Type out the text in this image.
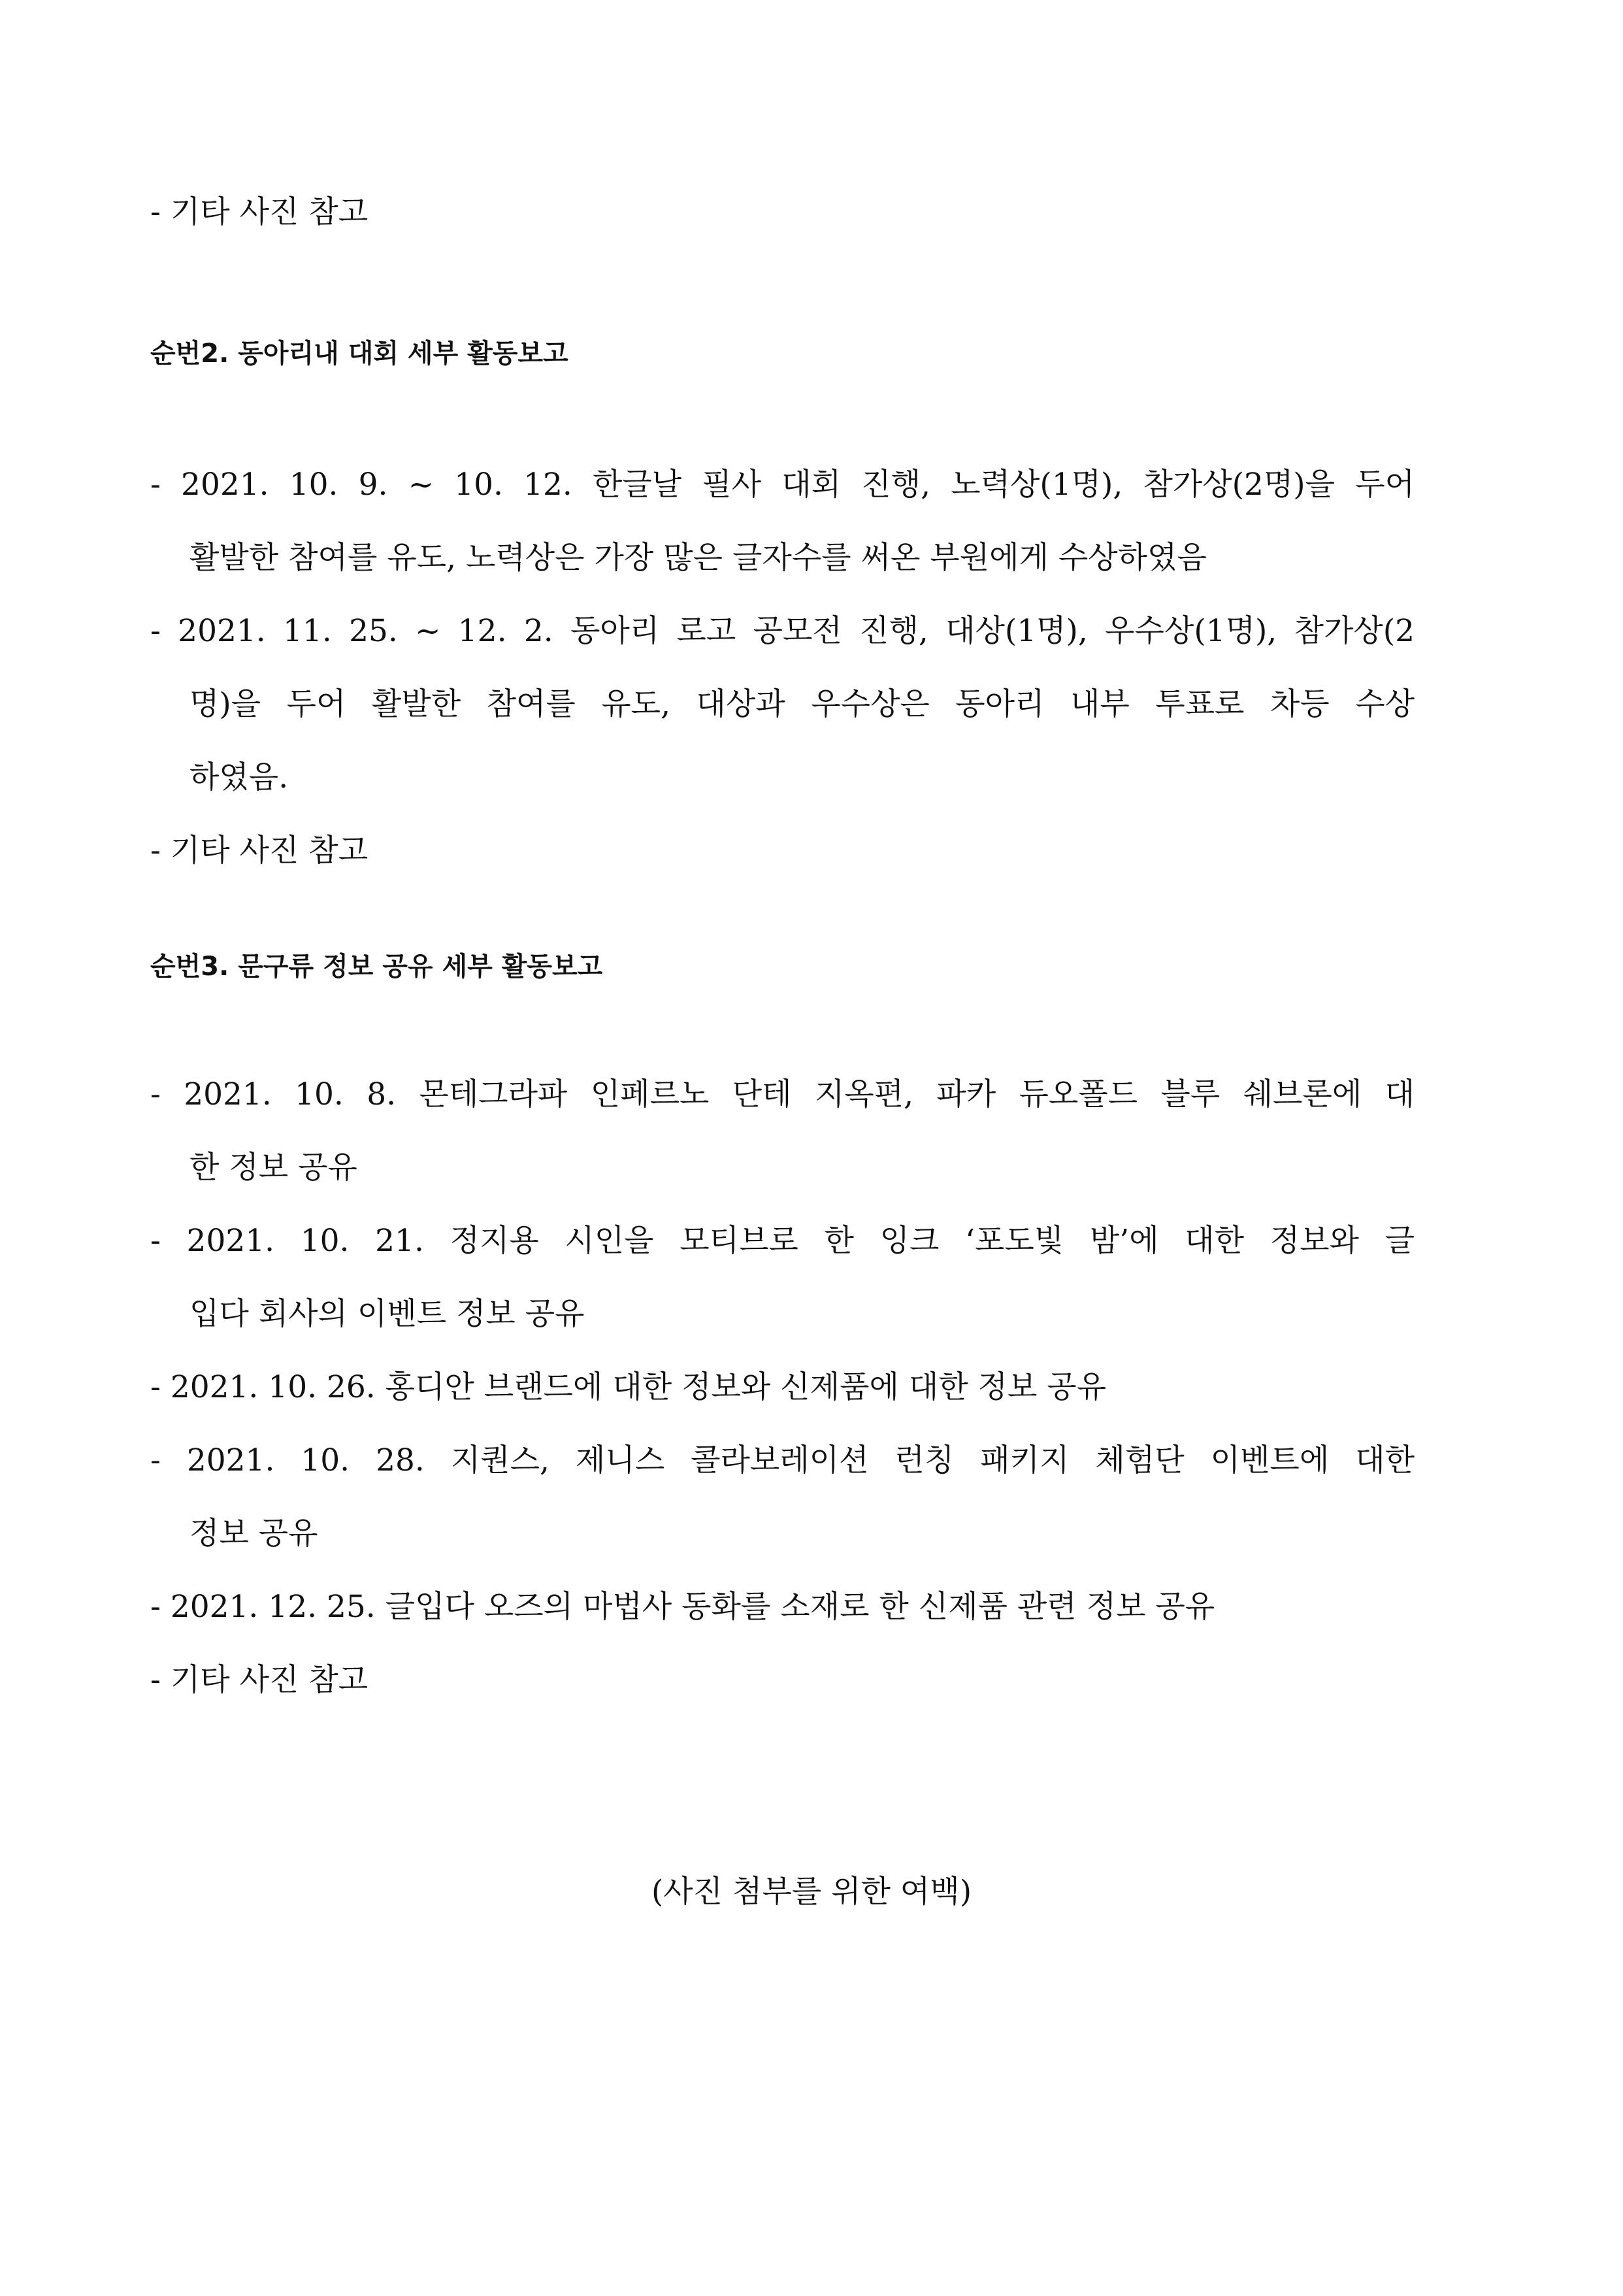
- 기타 사진 참고
순번2. 동아리내 대회 세부 활동보고
- 2021. 10. 9. ~ 10. 12. 한글날 필사 대회 진행, 노력상(1명), 참가상(2명)을 두어
활발한 참여를 유도, 노력상은 가장 많은 글자수를 써온 부원에게 수상하였음
- 2021. 11. 25. ~ 12. 2. 동아리 로고 공모전 진행, 대상(1명), 우수상(1명), 참가상(2
명)을 두어 활발한 참여를 유도, 대상과 우수상은 동아리 내부 투표로 차등 수상
하였음.
- 기타 사진 참고
순번3. 문구류 정보 공유 세부 활동보고
- 2021. 10. 8. 몬테그라파 인페르노 단테 지옥편, 파카 듀오폴드 블루 쉐브론에 대
한 정보 공유
- 2021. 10. 21. 정지용 시인을 모티브로 한 잉크 ‘포도빛 밤’에 대한 정보와 글
입다 회사의 이벤트 정보 공유
- 2021. 10. 26. 홍디안 브랜드에 대한 정보와 신제품에 대한 정보 공유
- 2021. 10. 28. 지퀀스, 제니스 콜라보레이션 런칭 패키지 체험단 이벤트에 대한
정보 공유
- 2021. 12. 25. 글입다 오즈의 마법사 동화를 소재로 한 신제품 관련 정보 공유
- 기타 사진 참고
(사진 첨부를 위한 여백)
